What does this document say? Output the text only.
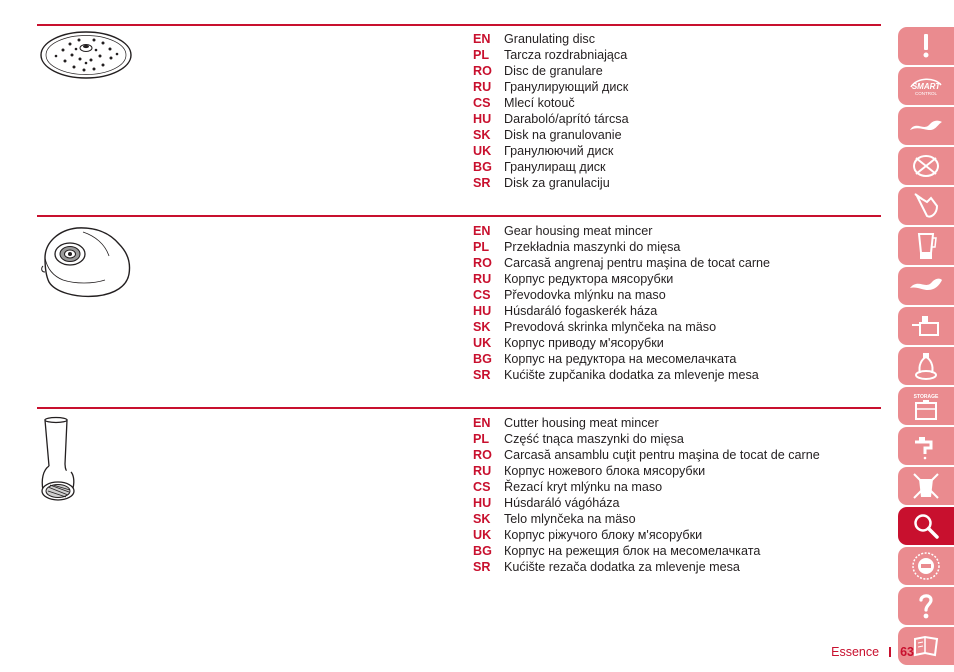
EN Granulating disc
PL Tarcza rozdrabniająca
RO Disc de granulare
RU Гранулирующий диск
CS Mlecí kotouč
HU Daraboló/aprító tárcsa
SK Disk na granulovanie
UK Гранулюючий диск
BG Гранулиращ диск
SR Disk za granulaciju
EN Gear housing meat mincer
PL Przekładnia maszynki do mięsa
RO Carcasă angrenaj pentru maşina de tocat carne
RU Корпус редуктора мясорубки
CS Převodovka mlýnku na maso
HU Húsdaráló fogaskerék háza
SK Prevodová skrinka mlynčeka na mäso
UK Корпус приводу м'ясорубки
BG Корпус на редуктора на месомелачката
SR Kućište zupčanika dodatka za mlevenje mesa
EN Cutter housing meat mincer
PL Część tnąca maszynki do mięsa
RO Carcasă ansamblu cuţit pentru maşina de tocat de carne
RU Корпус ножевого блока мясорубки
CS Řezací kryt mlýnku na maso
HU Húsdaráló vágóháza
SK Telo mlynčeka na mäso
UK Корпус ріжучого блоку м'ясорубки
BG Корпус на режещия блок на месомелачката
SR Kućište rezača dodatka za mlevenje mesa
SMART
CONTROL
STORAGE
Essence 63
